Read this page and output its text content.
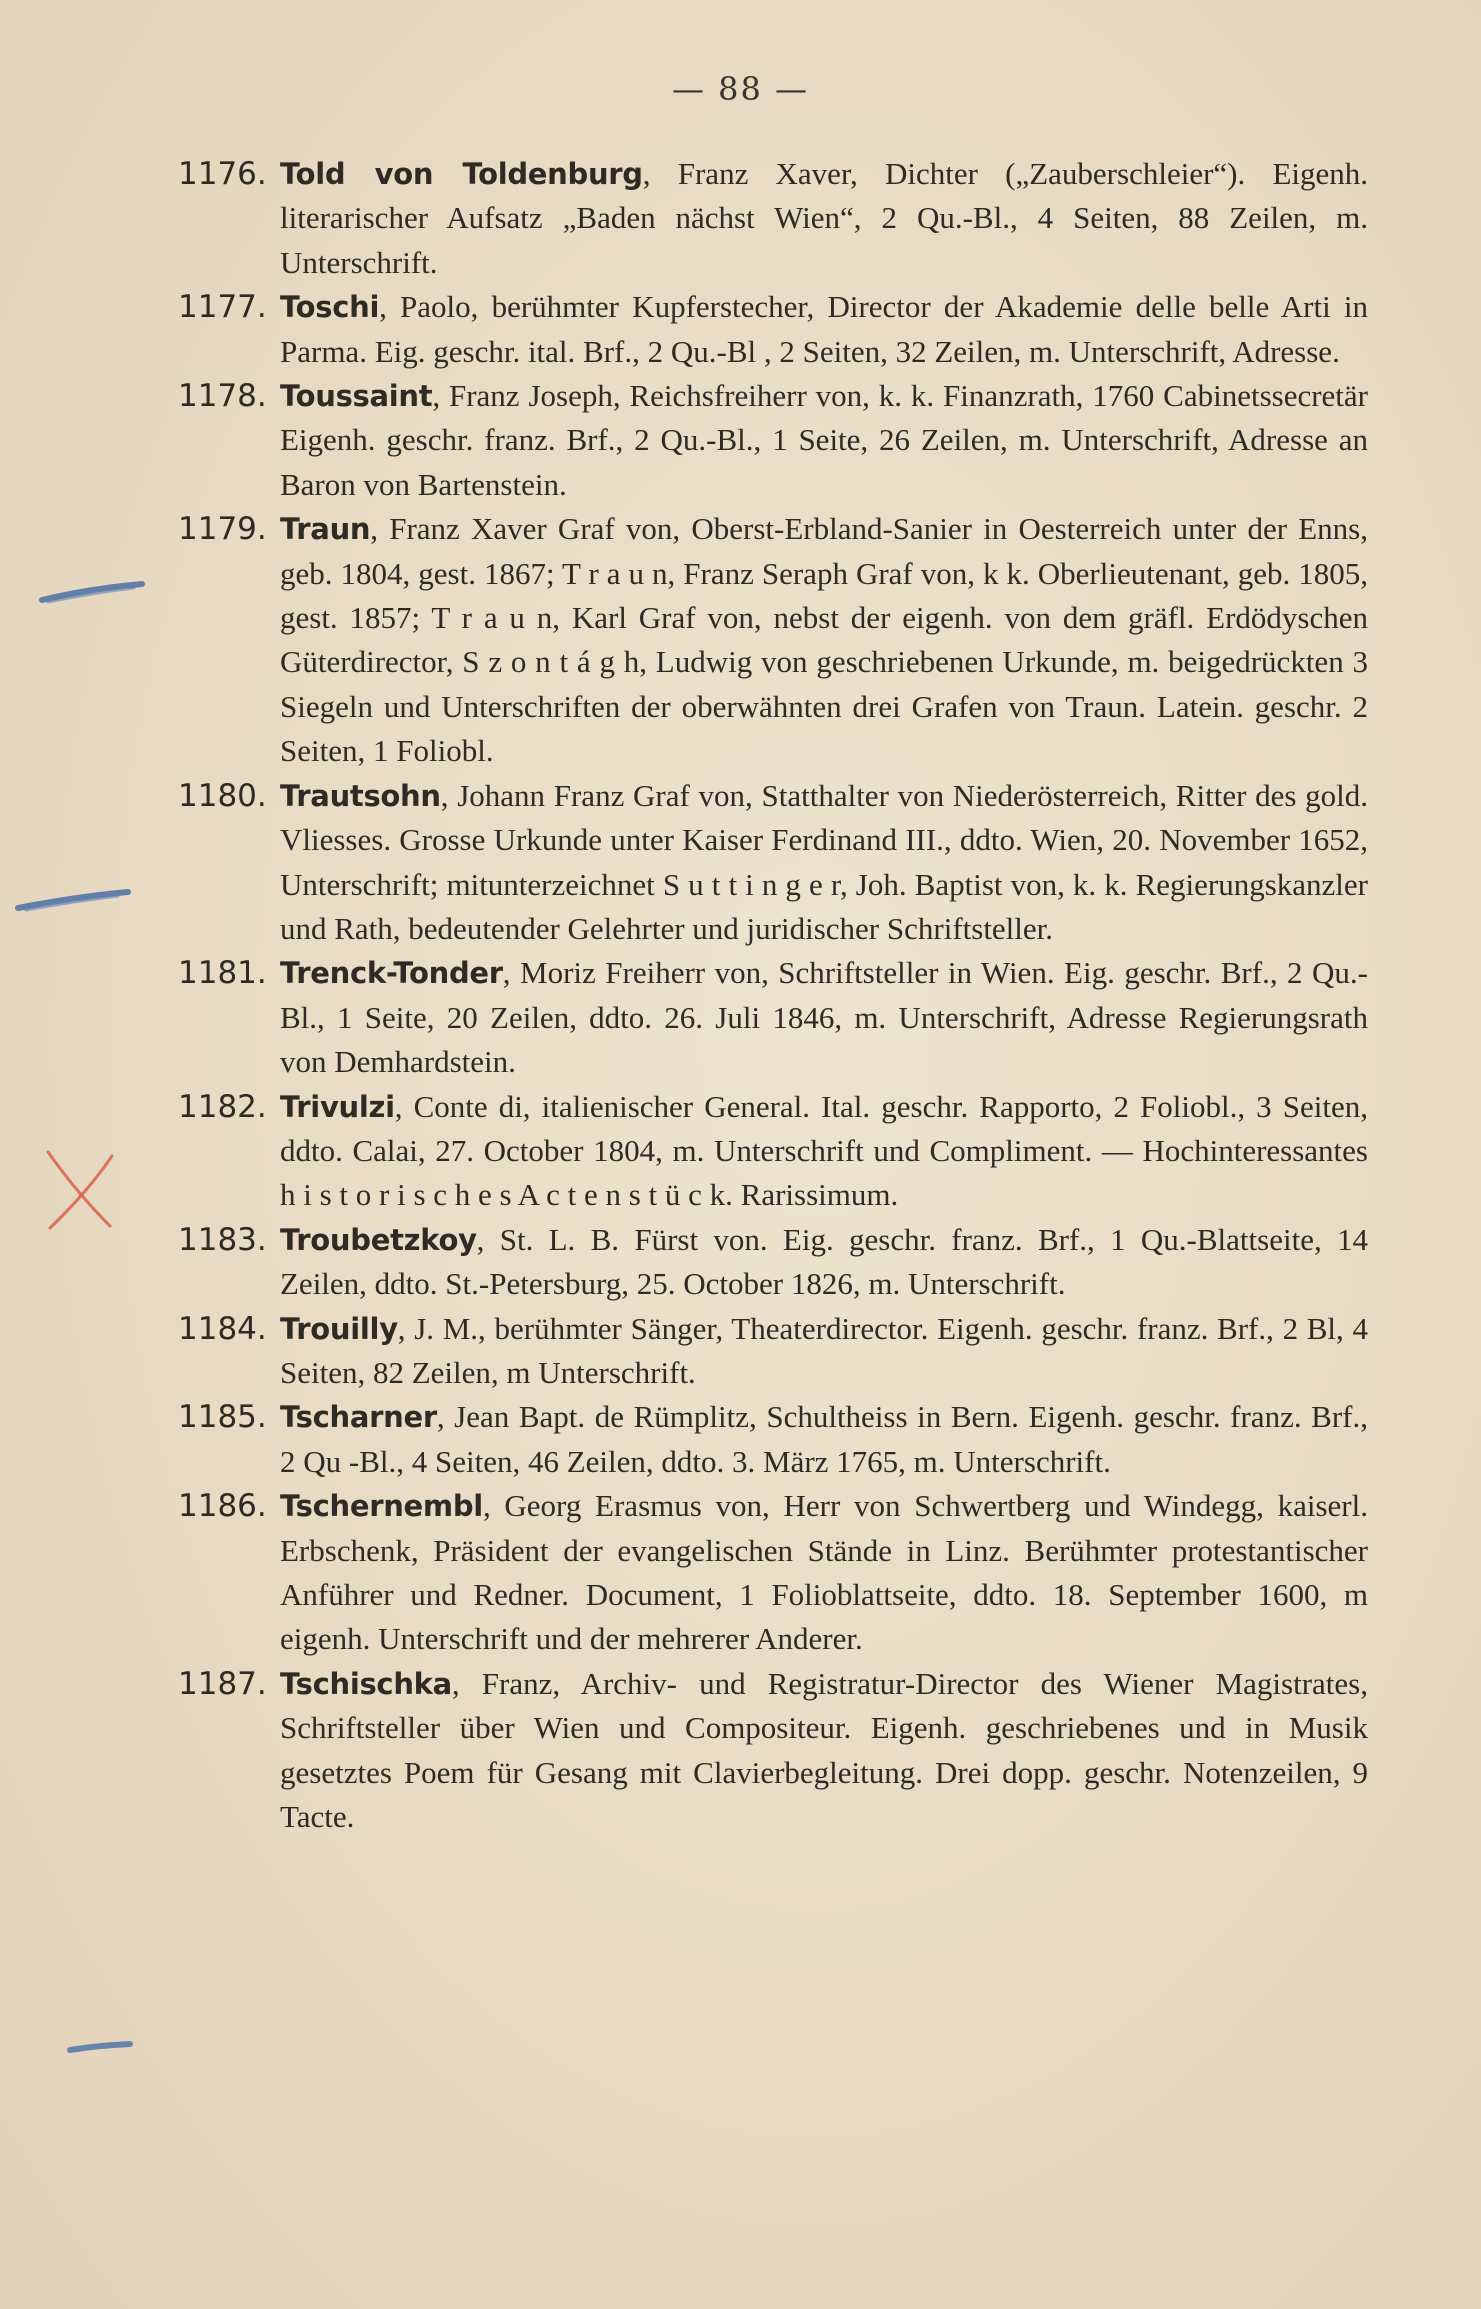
— 88 —
1176. Told von Toldenburg, Franz Xaver, Dichter („Zauberschleier“). Eigenh. literarischer Aufsatz „Baden nächst Wien“, 2 Qu.-Bl., 4 Seiten, 88 Zeilen, m. Unterschrift.
1177. Toschi, Paolo, berühmter Kupferstecher, Director der Akademie delle belle Arti in Parma. Eig. geschr. ital. Brf., 2 Qu.-Bl , 2 Seiten, 32 Zeilen, m. Unterschrift, Adresse.
1178. Toussaint, Franz Joseph, Reichsfreiherr von, k. k. Finanzrath, 1760 Cabinetssecretär Eigenh. geschr. franz. Brf., 2 Qu.-Bl., 1 Seite, 26 Zeilen, m. Unterschrift, Adresse an Baron von Bartenstein.
1179. Traun, Franz Xaver Graf von, Oberst-Erbland-Sanier in Oesterreich unter der Enns, geb. 1804, gest. 1867; T r a u n, Franz Seraph Graf von, k k. Oberlieutenant, geb. 1805, gest. 1857; T r a u n, Karl Graf von, nebst der eigenh. von dem gräfl. Erdödyschen Güterdirector, S z o n t á g h, Ludwig von geschriebenen Urkunde, m. beigedrückten 3 Siegeln und Unterschriften der oberwähnten drei Grafen von Traun. Latein. geschr. 2 Seiten, 1 Foliobl.
1180. Trautsohn, Johann Franz Graf von, Statthalter von Niederösterreich, Ritter des gold. Vliesses. Grosse Urkunde unter Kaiser Ferdinand III., ddto. Wien, 20. November 1652, Unterschrift; mitunterzeichnet S u t t i n g e r, Joh. Baptist von, k. k. Regierungskanzler und Rath, bedeutender Gelehrter und juridischer Schriftsteller.
1181. Trenck-Tonder, Moriz Freiherr von, Schriftsteller in Wien. Eig. geschr. Brf., 2 Qu.-Bl., 1 Seite, 20 Zeilen, ddto. 26. Juli 1846, m. Unterschrift, Adresse Regierungsrath von Demhardstein.
1182. Trivulzi, Conte di, italienischer General. Ital. geschr. Rapporto, 2 Foliobl., 3 Seiten, ddto. Calai, 27. October 1804, m. Unterschrift und Compliment. — Hochinteressantes h i s t o r i s c h e s A c t e n s t ü c k. Rarissimum.
1183. Troubetzkoy, St. L. B. Fürst von. Eig. geschr. franz. Brf., 1 Qu.-Blattseite, 14 Zeilen, ddto. St.-Petersburg, 25. October 1826, m. Unterschrift.
1184. Trouilly, J. M., berühmter Sänger, Theaterdirector. Eigenh. geschr. franz. Brf., 2 Bl, 4 Seiten, 82 Zeilen, m Unterschrift.
1185. Tscharner, Jean Bapt. de Rümplitz, Schultheiss in Bern. Eigenh. geschr. franz. Brf., 2 Qu -Bl., 4 Seiten, 46 Zeilen, ddto. 3. März 1765, m. Unterschrift.
1186. Tschernembl, Georg Erasmus von, Herr von Schwertberg und Windegg, kaiserl. Erbschenk, Präsident der evangelischen Stände in Linz. Berühmter protestantischer Anführer und Redner. Document, 1 Folioblattseite, ddto. 18. September 1600, m eigenh. Unterschrift und der mehrerer Anderer.
1187. Tschischka, Franz, Archiv- und Registratur-Director des Wiener Magistrates, Schriftsteller über Wien und Compositeur. Eigenh. geschriebenes und in Musik gesetztes Poem für Gesang mit Clavierbegleitung. Drei dopp. geschr. Notenzeilen, 9 Tacte.
